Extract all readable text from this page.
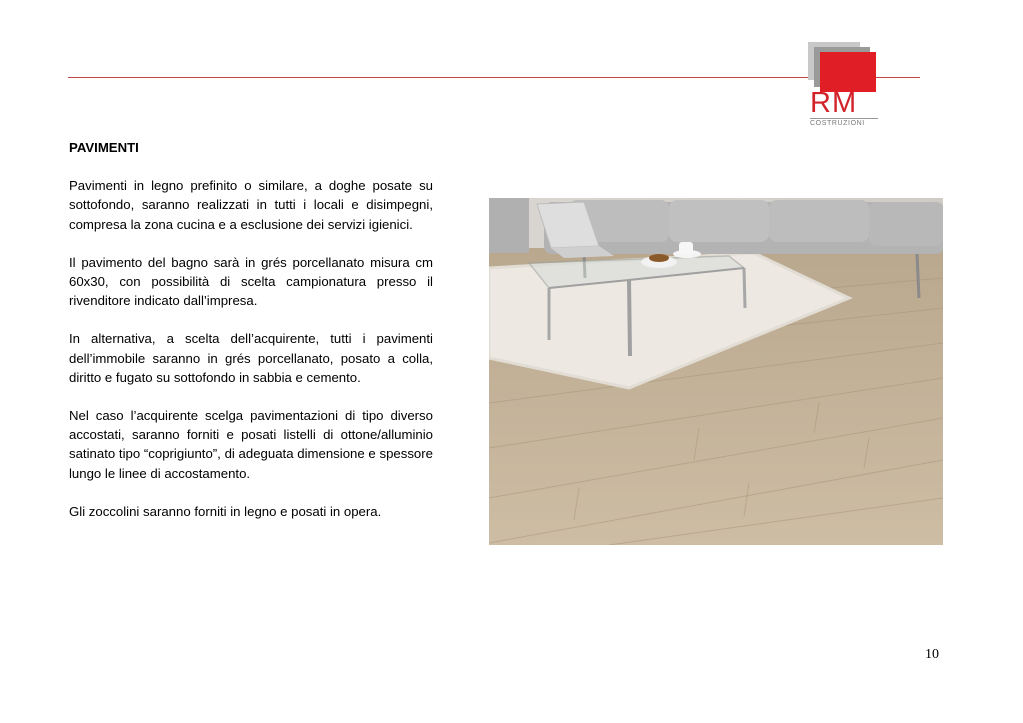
RM
COSTRUZIONI
PAVIMENTI

Pavimenti in legno prefinito o similare, a doghe posate su sottofondo, saranno realizzati in tutti i locali e disimpegni, compresa la zona cucina e a esclusione dei servizi igienici.

Il pavimento del bagno sarà in grés porcellanato misura cm 60x30, con possibilità di scelta campionatura presso il rivenditore indicato dall’impresa.

In alternativa, a scelta dell’acquirente, tutti i pavimenti dell’immobile saranno in grés porcellanato, posato a colla, diritto e fugato su sottofondo in sabbia e cemento.

Nel caso l’acquirente scelga pavimentazioni di tipo diverso accostati, saranno forniti e posati listelli di ottone/alluminio satinato tipo “coprigiunto”, di adeguata dimensione e spessore lungo le linee di accostamento.

Gli zoccolini saranno forniti in legno e posati in opera.

10
